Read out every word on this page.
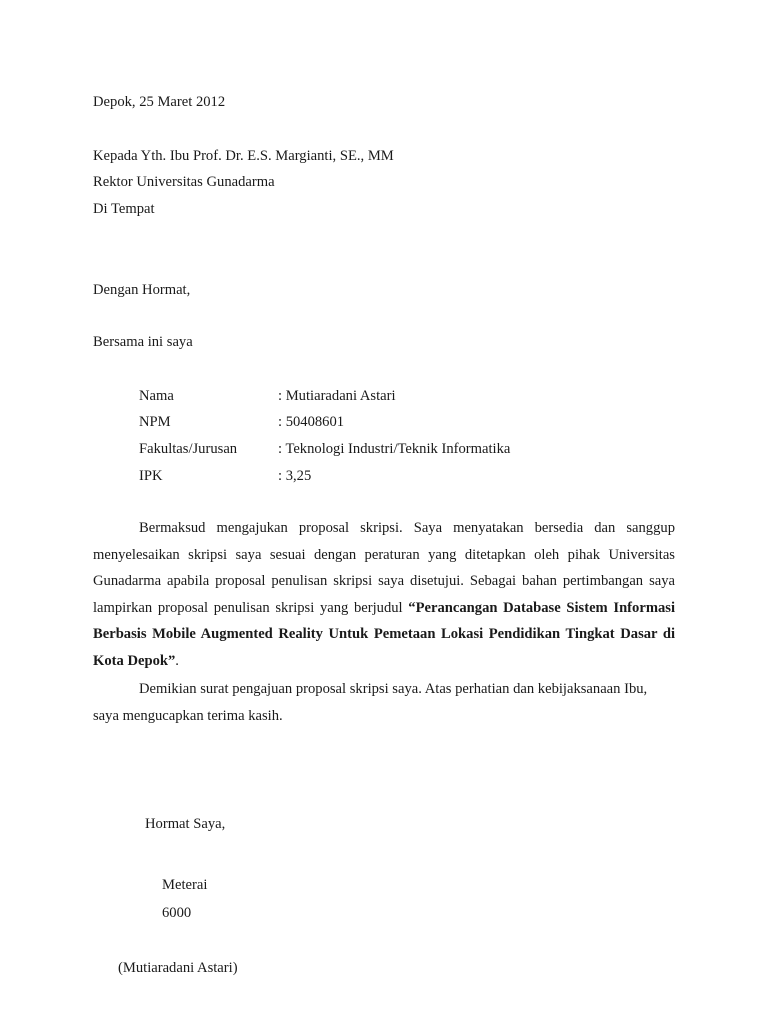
Depok, 25 Maret 2012
Kepada Yth. Ibu Prof. Dr. E.S. Margianti, SE., MM
Rektor Universitas Gunadarma
Di Tempat
Dengan Hormat,
Bersama ini saya
Nama	: Mutiaradani Astari
NPM	: 50408601
Fakultas/Jurusan	: Teknologi Industri/Teknik Informatika
IPK	: 3,25
Bermaksud mengajukan proposal skripsi. Saya menyatakan bersedia dan sanggup menyelesaikan skripsi saya sesuai dengan peraturan yang ditetapkan oleh pihak Universitas Gunadarma apabila proposal penulisan skripsi saya disetujui. Sebagai bahan pertimbangan saya lampirkan proposal penulisan skripsi yang berjudul “Perancangan Database Sistem Informasi Berbasis Mobile Augmented Reality Untuk Pemetaan Lokasi Pendidikan Tingkat Dasar di Kota Depok”.
Demikian surat pengajuan proposal skripsi saya. Atas perhatian dan kebijaksanaan Ibu, saya mengucapkan terima kasih.
Hormat Saya,
Meterai
6000
(Mutiaradani Astari)
